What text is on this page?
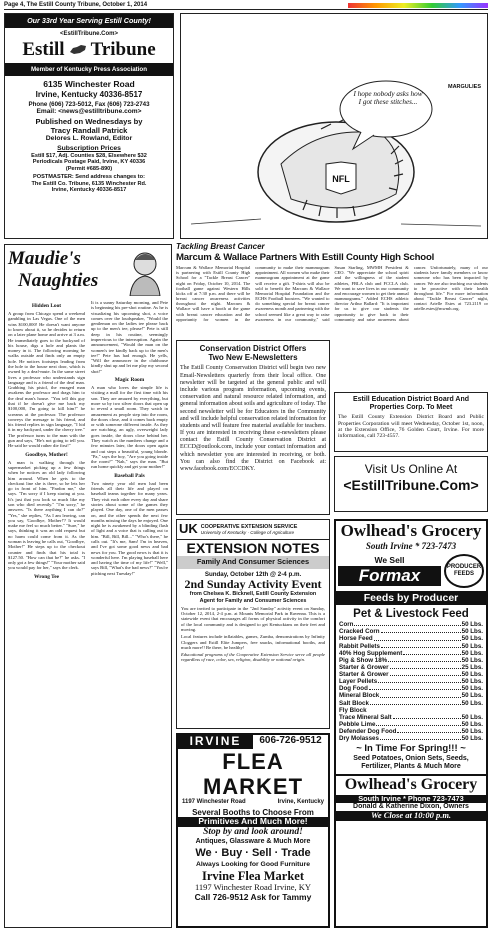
Page 4, The Estill County Tribune, October 1, 2014
Our 33rd Year Serving Estill County!
<EstillTribune.Com>
Estill Tribune
Member of Kentucky Press Association
6135 Winchester Road
Irvine, Kentucky 40336-8517
Phone (606) 723-5012, Fax (606) 723-2743
Email: <news@estilltribune.com>
Published on Wednesdays by
Tracy Randall Patrick
Delores L. Rowland, Editor
Subscription Prices
Estill $17, Adj. Counties $28, Elsewhere $32
Periodicals Postage Paid, Irvine, KY 40336
(Permit #685-890)
POSTMASTER: Send address changes to:
The Estill Co. Tribune, 6135 Winchester Rd.
Irvine, Kentucky 40336-8517
NFL
I hope nobody asks how I got these stitches...
MARGULIES
Tackling Breast Cancer
Marcum & Wallace Partners With Estill County High School
Maudie's
Naughties
Hidden Loot
A group from Chicago spend a weekend gambling in Las Vegas. One of the men wins $100,000! He doesn't want anyone to know about it, so he decides to return on a later plane home and arrive at 3 a.m. He immediately goes to the backyard of his house, digs a hole and plants the money in it. The following morning he walks outside and finds only an empty hole. He notices footsteps leading from the hole to the house next door, which is owned by a deaf-mute. In the same street lives a professor who understands sign language and is a friend of the deaf man. Grabbing his pistol, the enraged man awakens the professor and drags him to the deaf man's house. "You tell this guy that if he doesn't give me back my $100,000, I'm going to kill him!" he screams at the professor. The professor conveys the message to his friend, and his friend replies in sign language, "I hid it in my backyard, under the cherry tree." The professor turns to the man with the gun and says, "He's not going to tell you. He said he would rather die first!"
Goodbye, Mother!
A man is walking through the supermarket picking up a few things when he notices an old lady following him around. When he gets to the checkout line she is there, so he lets her go in front of him. "Pardon me," she says. "I'm sorry if I keep staring at you. It's just that you look so much like my son who died recently." "I'm sorry," he answers. "Is there anything I can do?" "Yes," she replies, "As I am leaving, can you say, 'Goodbye, Mother!'? It would make me feel so much better." "Sure," he says, thinking it was an odd request but no harm could come from it. As the woman is leaving he calls out, "Goodbye, Mother!" He steps up to the checkout counter and finds that his total is $127.50. "How can that be?" he asks. "I only got a few things!" "Your mother said you would pay for her," says the clerk.
Wrong Tee
It is a sunny Saturday morning, and Pete is beginning his pre-shot routine. As he is visualizing his upcoming shot, a voice comes over the loudspeaker, "Would the gentleman on the ladies tee please back up to the men's tee, please!" Pete is still deep in his routine, seemingly impervious to the interruption. Again the announcement, "Would the man on the women's tee kindly back up to the men's tee!" Pete has had enough. He yells, "Will the announcer in the clubhouse kindly shut up and let me play my second shot!"
Magic Room
A man who loves the simple life is visiting a mall for the first time with his son. They are amazed by everything, but more so by two silver doors that open up to reveal a small room. They watch in amazement as people step into the room, the doors close, and it comes back empty or with someone different inside. As they are watching, an ugly, overweight lady goes inside, the doors close behind her. They watch as the numbers change and a few minutes later, the doors open again and out steps a beautiful, young blonde. "Pa," says the boy, "Are you going inside the room?" "Nah," says the man. "But run home quickly and get your mother!"
Baseball Pals
Two ninety year old men had been friends all their life and played on baseball teams together for many years. They visit each other every day and share stories about some of the games they played. One day, one of the men passes on, and the other spends the next few months missing the days he enjoyed. One night he is awakened by a blinding flash of light and a voice that is calling out to him. "Bill, Bill, Bill..." "Who's there," he calls out. "It's me, Sam! I'm in heaven, and I've got some good news and bad news for you. The good news is that it is wonderful here. I'm playing baseball here and having the time of my life!" "Well," says Bill, "What's the bad news?" "You're pitching next Tuesday!"
Marcum & Wallace Memorial Hospital is partnering with Estill County High School for a "Tackle Breast Cancer" night on Friday, October 10, 2014. The football game against Western Hills kicks off at 7:30 p.m. and there will be breast cancer awareness activities throughout the night. Marcum & Wallace will have a booth at the game with breast cancer education and the opportunity for women in the community to make their mammogram appointment. All women who make their mammogram appointment at the game will receive a gift. T-shirts will also be sold to benefit the Marcum & Wallace Memorial Hospital Foundation and the ECHS Football boosters. "We wanted to do something special for breast cancer awareness month and partnering with the school seemed like a great way to raise awareness in our community," said Susan Starling, MWMH President & CEO. "We appreciate the school spirit and the willingness of the student athletes, FBLA club and FCCLA club. We want to save lives in our community and encourage women to get their annual mammograms." Added ECHS athletic director Arthur Ballard: "It is important for us to give our students the opportunity to give back to their community and raise awareness about cancer. Unfortunately, many of our students have family members or know someone who has been impacted by cancer. We are also teaching our students to be proactive with their health throughout life." For more information about "Tackle Breast Cancer" night, contact Arielle Estes at 723.2119 or arielle.estes@mwmh.org.
Conservation District Offers
Two New E-Newsletters
The Estill County Conservation District will begin two new Email-Newsletters quarterly from their local office. One newsletter will be targeted at the general public and will include various program information, upcoming events, conservation and natural resource related information, and general information about soils and agriculture of today. The second newsletter will be for Educators in the Community and will include helpful conservation related information for students and will feature free material available for teachers. If you are interested in receiving these e-newsletters please contact the Estill County Conservation District at ECCD@outlook.com, include your contact information and which newsletter you are interested in receiving, or both. You can also find the District on Facebook at: www.facebook.com/ECCDKY.
Estill Education District Board And Properties Corp. To Meet
The Estill County Extension District Board and Public Properties Corporation will meet Wednesday, October 1st, noon, at the Extension Office, 76 Golden Court, Irvine. For more information, call 723-4557.
Visit Us Online At
<EstillTribune.Com>
UK COOPERATIVE EXTENSION SERVICE
University of Kentucky · College of Agriculture
EXTENSION NOTES
Family And Consumer Sciences
Sunday, October 12th @ 2-4 p.m.
2nd Sunday Activity Event
from Chelsea K. Bicknell, Estill County Extension
Agent for Family and Consumer Sciences
You are invited to participate in the "2nd Sunday" activity event on Sunday, October 12, 2014, 2-4 p.m. at Mounts Memorial Park in Ravenna. This is a statewide event that encourages all forms of physical activity in the comfort of the local community and is designed to get Kentuckians on their feet and moving.
Local features include inflatables, games, Zumba, demonstrations by Infinity Cloggers and Estill Elite Jumpers, free snacks, informational booths, and much more!! Be there, be healthy!
Educational programs of the Cooperative Extension Service serve all people regardless of race, color, sex, religion, disability or national origin.
IRVINE	606-726-9512
FLEA MARKET
1197 Winchester Road	Irvine, Kentucky
Several Booths to Choose From
Primitives And Much More!
Stop by and look around!
Antiques, Glassware & Much More
We · Buy · Sell · Trade
Always Looking for Good Furniture
Irvine Flea Market
1197 Winchester Road Irvine, KY
Call 726-9512 Ask for Tammy
Owlhead's Grocery
South Irvine * 723-7473
We Sell
Formax	PRODUCER FEEDS
Feeds by Producer
Pet & Livestock Feed
Corn	50 Lbs.
Cracked Corn	50 Lbs.
Horse Feed	50 Lbs.
Rabbit Pellets	50 Lbs.
40% Hog Supplement	50 Lbs.
Pig & Show 18%	50 Lbs.
Starter & Grower	25 Lbs.
Starter & Grower	50 Lbs.
Layer Pellets	50 Lbs.
Dog Food	50 Lbs.
Mineral Block	50 Lbs.
Salt Block	50 Lbs.
Fly Block
Trace Mineral Salt	50 Lbs.
Pebble Lime	50 Lbs.
Defender Dog Food	50 Lbs.
Dry Molasses	50 Lbs.
~ In Time For Spring!!! ~
Seed Potatoes, Onion Sets, Seeds, Fertilizer, Plants & Much More
Owlhead's Grocery
South Irvine * Phone 723-7473
Donald & Katherine Dixon, Owners
We Close at 10:00 p.m.
